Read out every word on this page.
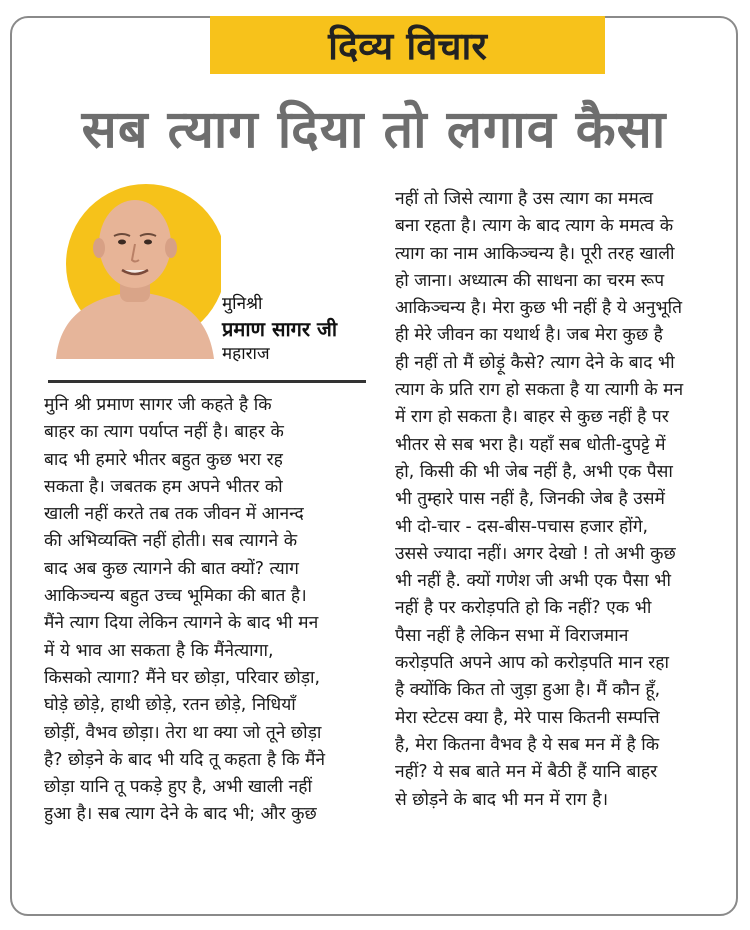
दिव्य विचार
सब त्याग दिया तो लगाव कैसा
मुनिश्री
प्रमाण सागर जी
महाराज
मुनि श्री प्रमाण सागर जी कहते है कि
बाहर का त्याग पर्याप्त नहीं है। बाहर के
बाद भी हमारे भीतर बहुत कुछ भरा रह
सकता है। जबतक हम अपने भीतर को
खाली नहीं करते तब तक जीवन में आनन्द
की अभिव्यक्ति नहीं होती। सब त्यागने के
बाद अब कुछ त्यागने की बात क्यों? त्याग
आकिञ्चन्य बहुत उच्च भूमिका की बात है।
मैंने त्याग दिया लेकिन त्यागने के बाद भी मन
में ये भाव आ सकता है कि मैंनेत्यागा,
किसको त्यागा? मैंने घर छोड़ा, परिवार छोड़ा,
घोड़े छोड़े, हाथी छोड़े, रतन छोड़े, निधियाँ
छोड़ीं, वैभव छोड़ा। तेरा था क्या जो तूने छोड़ा
है? छोड़ने के बाद भी यदि तू कहता है कि मैंने
छोड़ा यानि तू पकड़े हुए है, अभी खाली नहीं
हुआ है। सब त्याग देने के बाद भी; और कुछ
नहीं तो जिसे त्यागा है उस त्याग का ममत्व
बना रहता है। त्याग के बाद त्याग के ममत्व के
त्याग का नाम आकिञ्चन्य है। पूरी तरह खाली
हो जाना। अध्यात्म की साधना का चरम रूप
आकिञ्चन्य है। मेरा कुछ भी नहीं है ये अनुभूति
ही मेरे जीवन का यथार्थ है। जब मेरा कुछ है
ही नहीं तो मैं छोड़ूं कैसे? त्याग देने के बाद भी
त्याग के प्रति राग हो सकता है या त्यागी के मन
में राग हो सकता है। बाहर से कुछ नहीं है पर
भीतर से सब भरा है। यहाँ सब धोती-दुपट्टे में
हो, किसी की भी जेब नहीं है, अभी एक पैसा
भी तुम्हारे पास नहीं है, जिनकी जेब है उसमें
भी दो-चार - दस-बीस-पचास हजार होंगे,
उससे ज्यादा नहीं। अगर देखो ! तो अभी कुछ
भी नहीं है. क्यों गणेश जी अभी एक पैसा भी
नहीं है पर करोड़पति हो कि नहीं? एक भी
पैसा नहीं है लेकिन सभा में विराजमान
करोड़पति अपने आप को करोड़पति मान रहा
है क्योंकि कित तो जुड़ा हुआ है। मैं कौन हूँ,
मेरा स्टेटस क्या है, मेरे पास कितनी सम्पत्ति
है, मेरा कितना वैभव है ये सब मन में है कि
नहीं? ये सब बाते मन में बैठी हैं यानि बाहर
से छोड़ने के बाद भी मन में राग है।
